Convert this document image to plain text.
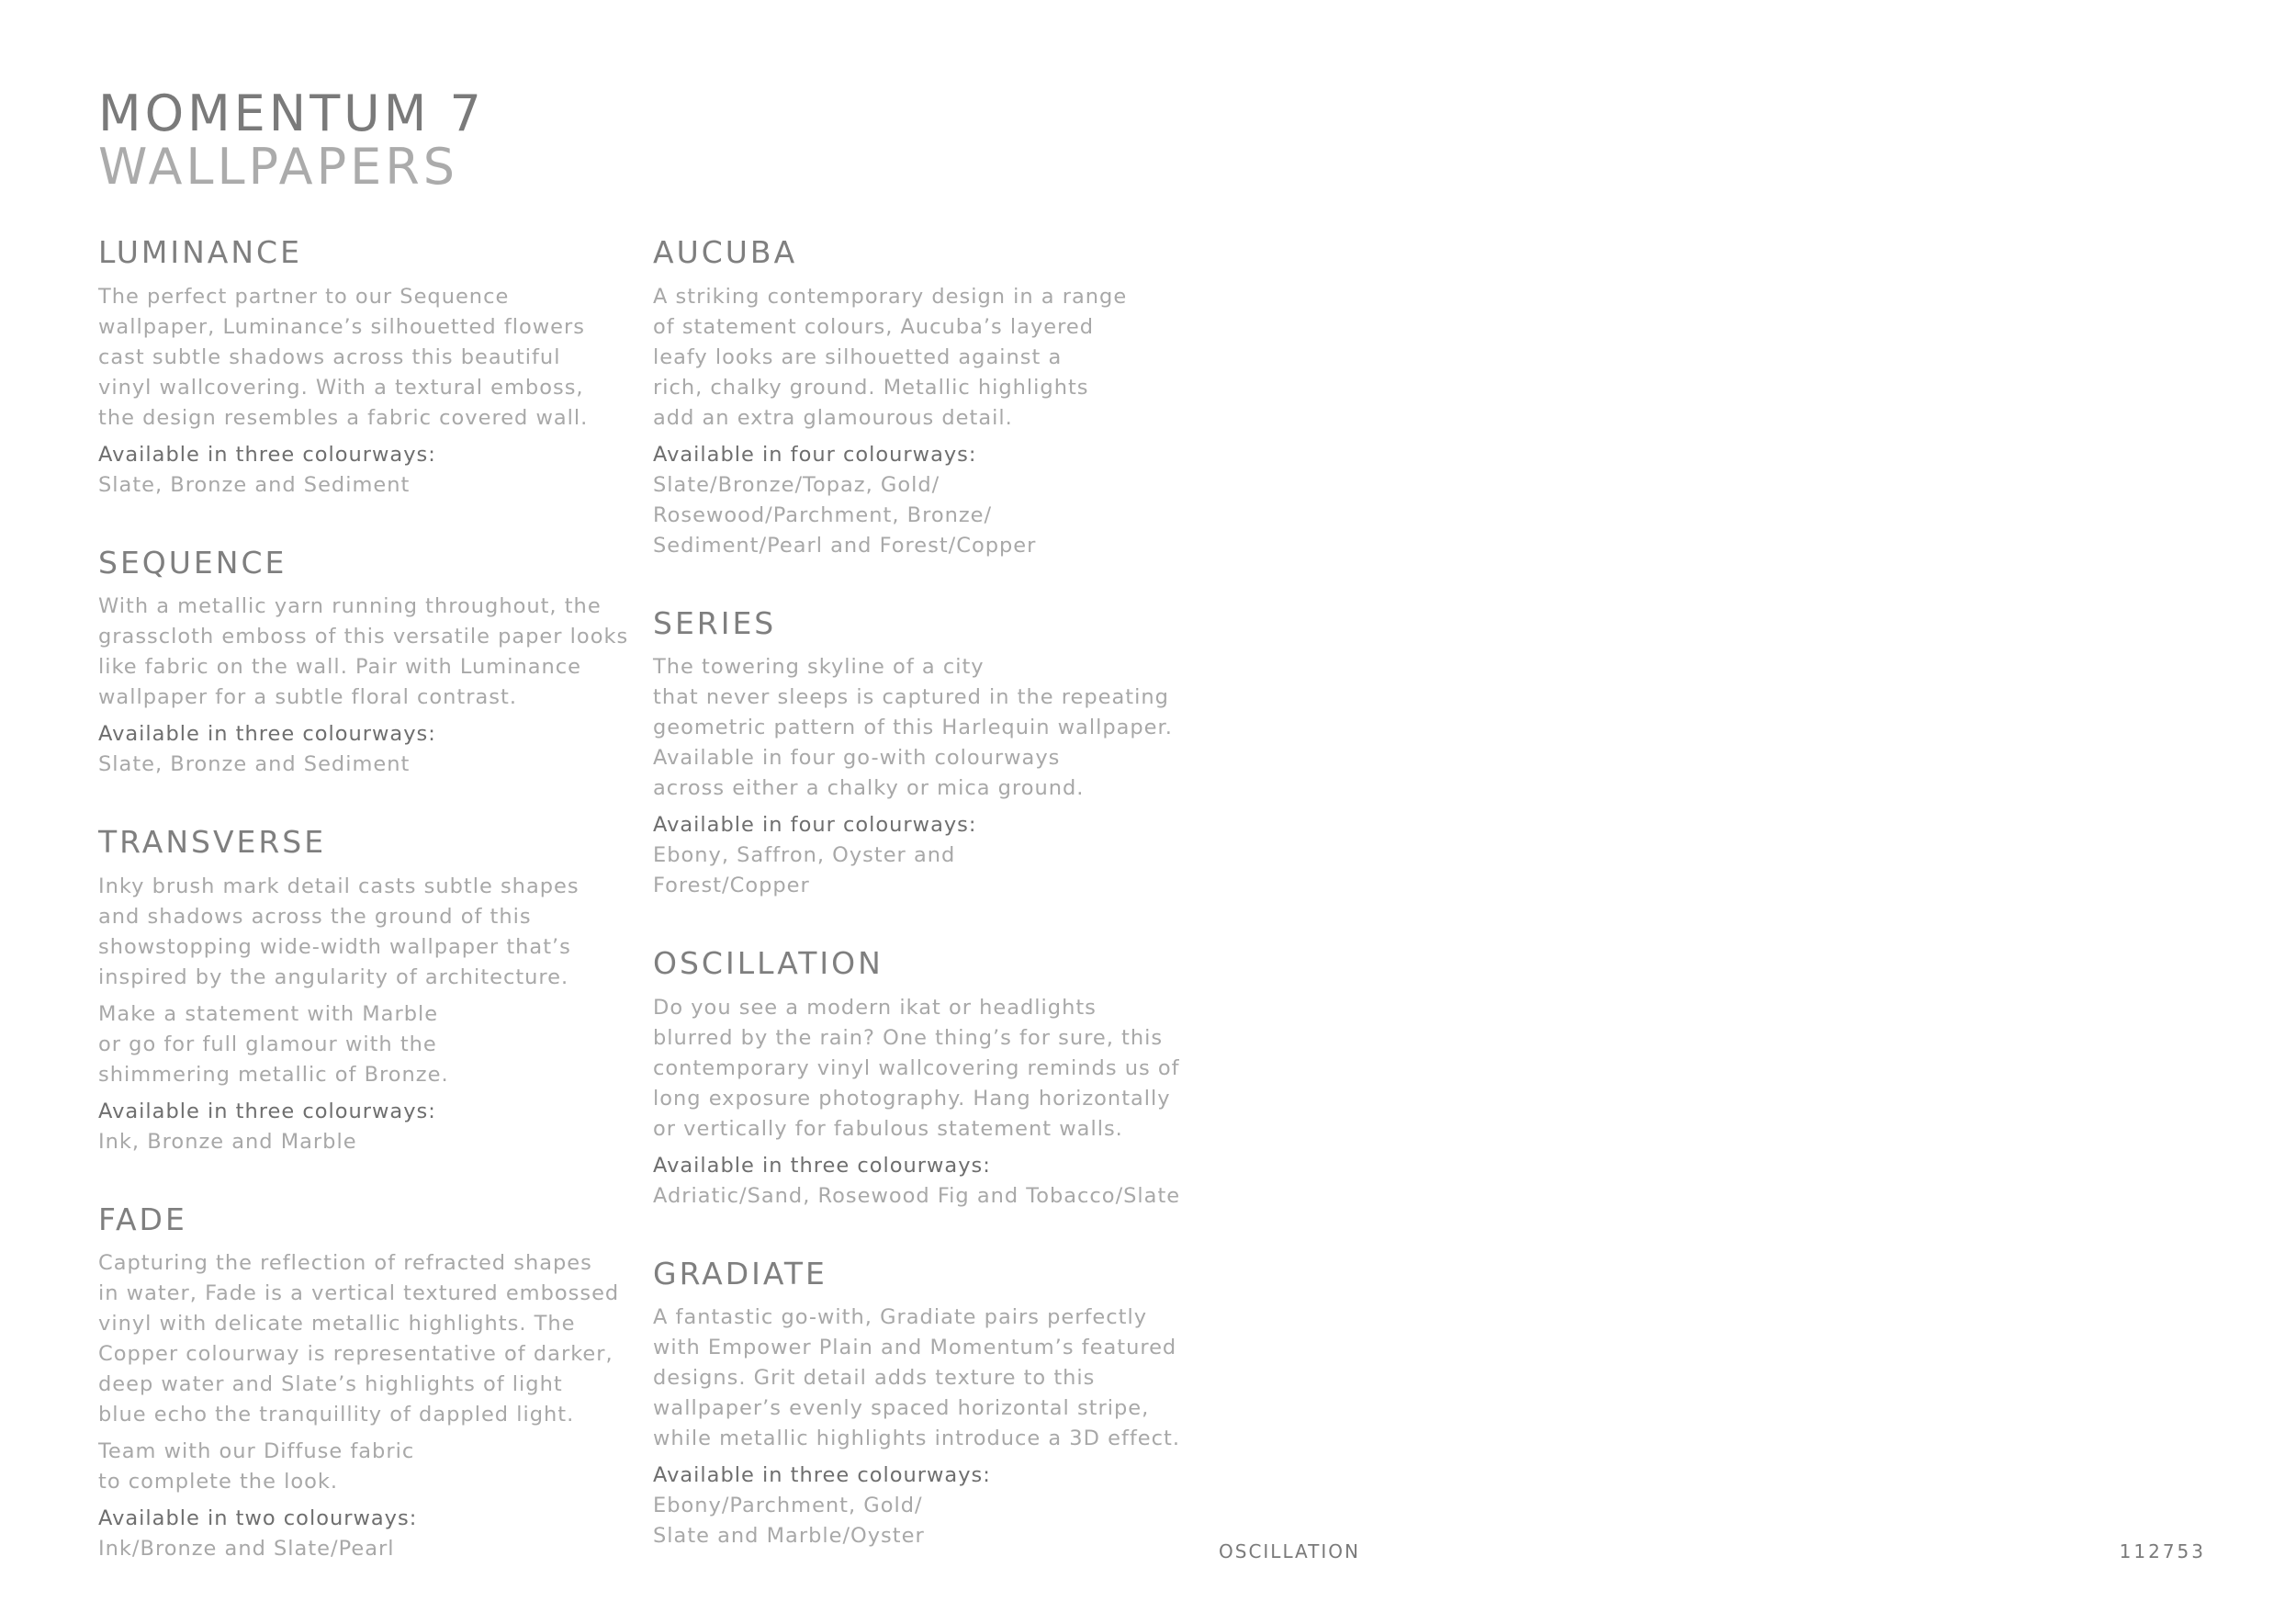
MOMENTUM 7
WALLPAPERS
LUMINANCE

The perfect partner to our Sequence
wallpaper, Luminance’s silhouetted flowers
cast subtle shadows across this beautiful
vinyl wallcovering. With a textural emboss,
the design resembles a fabric covered wall.

Available in three colourways:

Slate, Bronze and Sediment

SEQUENCE

With a metallic yarn running throughout, the
grasscloth emboss of this versatile paper looks
like fabric on the wall. Pair with Luminance
wallpaper for a subtle floral contrast.

Available in three colourways:

Slate, Bronze and Sediment

TRANSVERSE

Inky brush mark detail casts subtle shapes
and shadows across the ground of this
showstopping wide-width wallpaper that’s
inspired by the angularity of architecture.

Make a statement with Marble
or go for full glamour with the
shimmering metallic of Bronze.

Available in three colourways:

Ink, Bronze and Marble

FADE

Capturing the reflection of refracted shapes
in water, Fade is a vertical textured embossed
vinyl with delicate metallic highlights. The
Copper colourway is representative of darker,
deep water and Slate’s highlights of light
blue echo the tranquillity of dappled light.

Team with our Diffuse fabric
to complete the look.

Available in two colourways:

Ink/Bronze and Slate/Pearl

AUCUBA

A striking contemporary design in a range
of statement colours, Aucuba’s layered
leafy looks are silhouetted against a
rich, chalky ground. Metallic highlights
add an extra glamourous detail.

Available in four colourways:

Slate/Bronze/Topaz, Gold/
Rosewood/Parchment, Bronze/
Sediment/Pearl and Forest/Copper

SERIES

The towering skyline of a city
that never sleeps is captured in the repeating
geometric pattern of this Harlequin wallpaper.
Available in four go-with colourways
across either a chalky or mica ground.

Available in four colourways:

Ebony, Saffron, Oyster and
Forest/Copper

OSCILLATION

Do you see a modern ikat or headlights
blurred by the rain? One thing’s for sure, this
contemporary vinyl wallcovering reminds us of
long exposure photography. Hang horizontally
or vertically for fabulous statement walls.

Available in three colourways:

Adriatic/Sand, Rosewood Fig and Tobacco/Slate

GRADIATE

A fantastic go-with, Gradiate pairs perfectly
with Empower Plain and Momentum’s featured
designs. Grit detail adds texture to this
wallpaper’s evenly spaced horizontal stripe,
while metallic highlights introduce a 3D effect.

Available in three colourways:

Ebony/Parchment, Gold/
Slate and Marble/Oyster

OSCILLATION	112753
